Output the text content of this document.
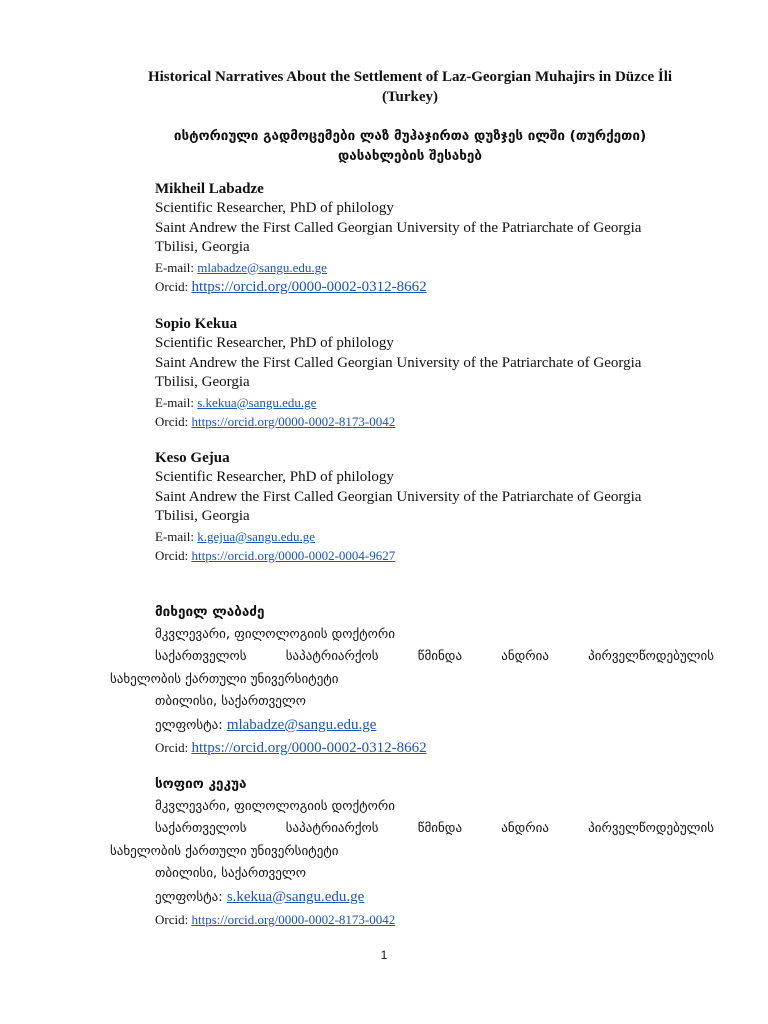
Historical Narratives About the Settlement of Laz-Georgian Muhajirs in Düzce İli
(Turkey)
ისტორიული გადმოცემები ლაზ მუჰაჯირთა დუზჯეს ილში (თურქეთი)
დასახლების შესახებ
Mikheil Labadze
Scientific Researcher, PhD of philology
Saint Andrew the First Called Georgian University of the Patriarchate of Georgia
Tbilisi, Georgia
E-mail: mlabadze@sangu.edu.ge
Orcid: https://orcid.org/0000-0002-0312-8662
Sopio Kekua
Scientific Researcher, PhD of philology
Saint Andrew the First Called Georgian University of the Patriarchate of Georgia
Tbilisi, Georgia
E-mail: s.kekua@sangu.edu.ge
Orcid: https://orcid.org/0000-0002-8173-0042
Keso Gejua
Scientific Researcher, PhD of philology
Saint Andrew the First Called Georgian University of the Patriarchate of Georgia
Tbilisi, Georgia
E-mail: k.gejua@sangu.edu.ge
Orcid: https://orcid.org/0000-0002-0004-9627
მიხეილ ლაბაძე
მკვლევარი, ფილოლოგიის დოქტორი
საქართველოს	საპატრიარქოს	წმინდა	ანდრია	პირველწოდებულის
სახელობის ქართული უნივერსიტეტი
თბილისი, საქართველო
ელფოსტა: mlabadze@sangu.edu.ge
Orcid: https://orcid.org/0000-0002-0312-8662
სოფიო კეკუა
მკვლევარი, ფილოლოგიის დოქტორი
საქართველოს	საპატრიარქოს	წმინდა	ანდრია	პირველწოდებულის
სახელობის ქართული უნივერსიტეტი
თბილისი, საქართველო
ელფოსტა: s.kekua@sangu.edu.ge
Orcid: https://orcid.org/0000-0002-8173-0042
1
